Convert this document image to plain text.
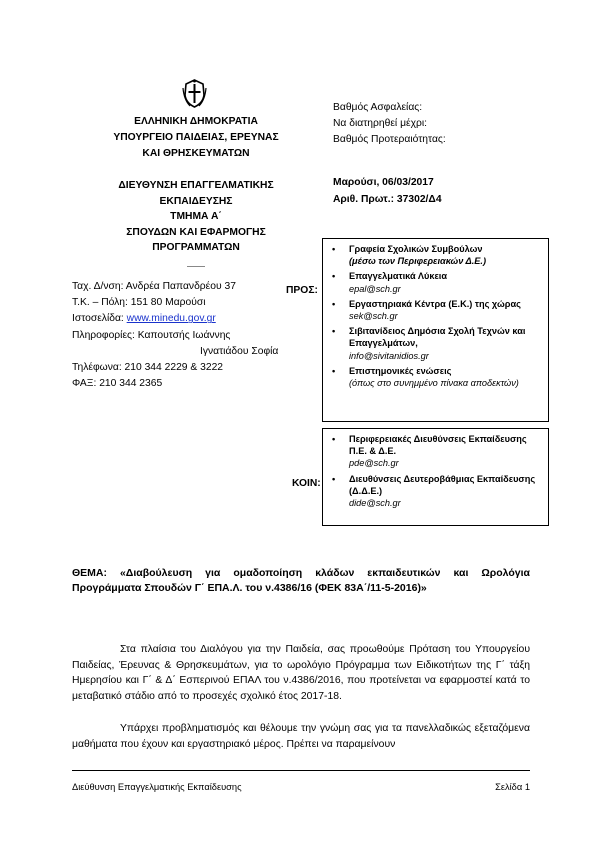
ΕΛΛΗΝΙΚΗ ΔΗΜΟΚΡΑΤΙΑ
ΥΠΟΥΡΓΕΙΟ ΠΑΙΔΕΙΑΣ, ΕΡΕΥΝΑΣ
ΚΑΙ ΘΡΗΣΚΕΥΜΑΤΩΝ
ΔΙΕΥΘΥΝΣΗ ΕΠΑΓΓΕΛΜΑΤΙΚΗΣ
ΕΚΠΑΙΔΕΥΣΗΣ
ΤΜΗΜΑ Α΄
ΣΠΟΥΔΩΝ ΚΑΙ ΕΦΑΡΜΟΓΗΣ
ΠΡΟΓΡΑΜΜΑΤΩΝ
Ταχ. Δ/νση: Ανδρέα Παπανδρέου 37
Τ.Κ. – Πόλη: 151 80 Μαρούσι
Ιστοσελίδα: www.minedu.gov.gr
Πληροφορίες: Καπουτσής Ιωάννης
Ιγνατιάδου Σοφία
Τηλέφωνα: 210 344 2229 & 3222
ΦΑΞ: 210 344 2365
Βαθμός Ασφαλείας:
Να διατηρηθεί μέχρι:
Βαθμός Προτεραιότητας:
Μαρούσι, 06/03/2017
Αριθ. Πρωτ.: 37302/Δ4
ΠΡΟΣ:
• Γραφεία Σχολικών Συμβούλων
(μέσω των Περιφερειακών Δ.Ε.)
• Επαγγελματικά Λύκεια
epal@sch.gr
• Εργαστηριακά Κέντρα (Ε.Κ.) της χώρας
sek@sch.gr
• Σιβιτανίδειος Δημόσια Σχολή Τεχνών και Επαγγελμάτων,
info@sivitanidios.gr
• Επιστημονικές ενώσεις
(όπως στο συνημμένο πίνακα αποδεκτών)
ΚΟΙΝ:
• Περιφερειακές Διευθύνσεις Εκπαίδευσης Π.Ε. & Δ.Ε.
pde@sch.gr
• Διευθύνσεις Δευτεροβάθμιας Εκπαίδευσης (Δ.Δ.Ε.)
dide@sch.gr
ΘΕΜΑ: «Διαβούλευση για ομαδοποίηση κλάδων εκπαιδευτικών και Ωρολόγια Προγράμματα Σπουδών Γ΄ ΕΠΑ.Λ. του ν.4386/16 (ΦΕΚ 83Α΄/11-5-2016)»
Στα πλαίσια του Διαλόγου για την Παιδεία, σας προωθούμε Πρόταση του Υπουργείου Παιδείας, Έρευνας & Θρησκευμάτων, για το ωρολόγιο Πρόγραμμα των Ειδικοτήτων της Γ΄ τάξη Ημερησίου και Γ΄ & Δ΄ Εσπερινού ΕΠΑΛ του ν.4386/2016, που προτείνεται να εφαρμοστεί κατά το μεταβατικό στάδιο από το προσεχές σχολικό έτος 2017-18.
Υπάρχει προβληματισμός και θέλουμε την γνώμη σας για τα πανελλαδικώς εξεταζόμενα μαθήματα που έχουν και εργαστηριακό μέρος. Πρέπει να παραμείνουν
Διεύθυνση Επαγγελματικής Εκπαίδευσης	Σελίδα 1
